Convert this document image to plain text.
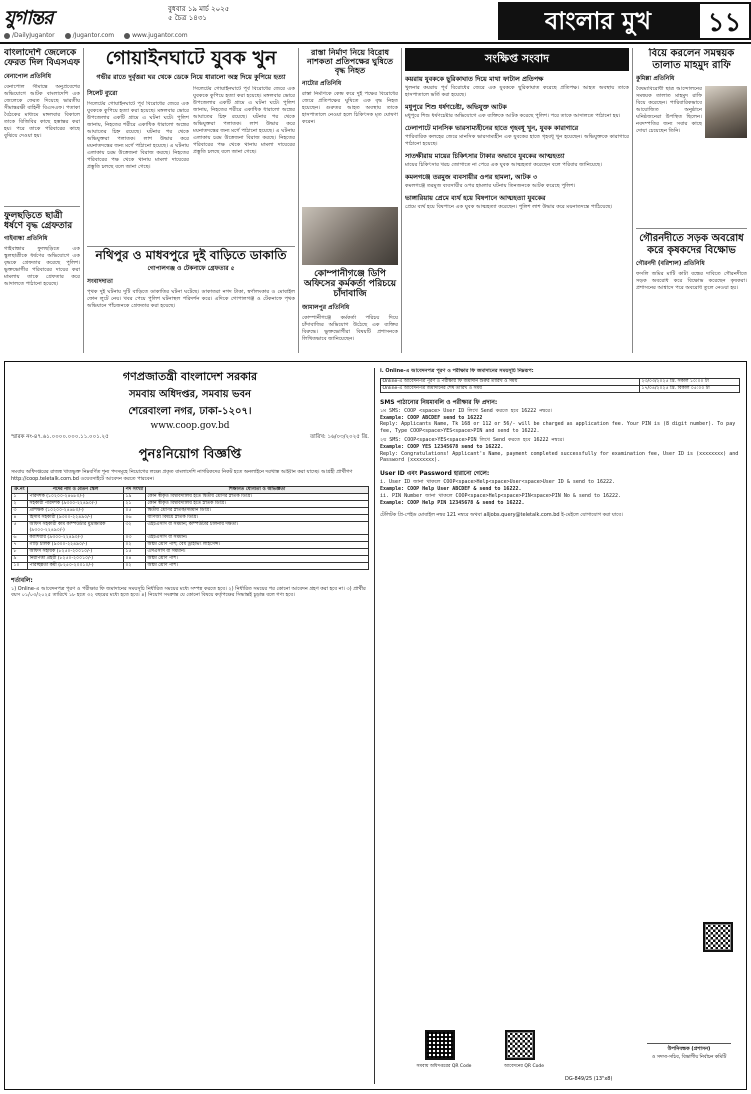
যুগান্তর	বুধবার ১৯ মার্চ ২০২৫
৫ চৈত্র ১৪৩১
/DailyJugantor	/Jugantor.com	www.jugantor.com
বাংলার মুখ	১১
বাংলাদেশি জেলেকে ফেরত দিল বিএসএফ
বেনাপোল প্রতিনিধি
বেনাপোল সীমান্তে অনুপ্রবেশের অভিযোগে আটক বাংলাদেশি এক জেলেকে ফেরত দিয়েছে ভারতীয় সীমান্তরক্ষী বাহিনী বিএসএফ। পতাকা বৈঠকের মাধ্যমে মঙ্গলবার বিকালে তাকে বিজিবির কাছে হস্তান্তর করা হয়। পরে তাকে পরিবারের কাছে বুঝিয়ে দেওয়া হয়।
ফুলছড়িতে ছাত্রী ধর্ষণে বৃদ্ধ গ্রেফতার
গাইবান্ধা প্রতিনিধি
গাইবান্ধার ফুলছড়িতে এক স্কুলছাত্রীকে ধর্ষণের অভিযোগে এক বৃদ্ধকে গ্রেফতার করেছে পুলিশ। ভুক্তভোগীর পরিবারের দায়ের করা মামলায় তাকে গ্রেফতার করে আদালতে পাঠানো হয়েছে।
গোয়াইনঘাটে যুবক খুন
গভীর রাতে দুর্বৃত্তরা ঘর থেকে ডেকে নিয়ে ধারালো অস্ত্র দিয়ে কুপিয়ে হত্যা
সিলেট ব্যুরো
সিলেটের গোয়াইনঘাটে পূর্ব বিরোধের জেরে এক যুবককে কুপিয়ে হত্যা করা হয়েছে। মঙ্গলবার ভোরে উপজেলার একটি গ্রামে এ ঘটনা ঘটে। পুলিশ জানায়, নিহতের শরীরে একাধিক ধারালো অস্ত্রের আঘাতের চিহ্ন রয়েছে। ঘটনার পর থেকে অভিযুক্তরা পলাতক। লাশ উদ্ধার করে ময়নাতদন্তের জন্য মর্গে পাঠানো হয়েছে। এ ঘটনায় এলাকায় চরম উত্তেজনা বিরাজ করছে। নিহতের পরিবারের পক্ষ থেকে থানায় মামলা দায়েরের প্রস্তুতি চলছে বলে জানা গেছে।
সিলেটের গোয়াইনঘাটে পূর্ব বিরোধের জেরে এক যুবককে কুপিয়ে হত্যা করা হয়েছে। মঙ্গলবার ভোরে উপজেলার একটি গ্রামে এ ঘটনা ঘটে। পুলিশ জানায়, নিহতের শরীরে একাধিক ধারালো অস্ত্রের আঘাতের চিহ্ন রয়েছে। ঘটনার পর থেকে অভিযুক্তরা পলাতক। লাশ উদ্ধার করে ময়নাতদন্তের জন্য মর্গে পাঠানো হয়েছে। এ ঘটনায় এলাকায় চরম উত্তেজনা বিরাজ করছে। নিহতের পরিবারের পক্ষ থেকে থানায় মামলা দায়েরের প্রস্তুতি চলছে বলে জানা গেছে।
নথিপুর ও মাধবপুরে দুই বাড়িতে ডাকাতি
গোপালগঞ্জ ও টেকনাফে গ্রেফতার ৫
সংবাদদাতা
পৃথক দুই ঘটনায় দুটি বাড়িতে ডাকাতির ঘটনা ঘটেছে। ডাকাতরা নগদ টাকা, স্বর্ণালংকার ও মোবাইল ফোন লুটে নেয়। খবর পেয়ে পুলিশ ঘটনাস্থল পরিদর্শন করে। এদিকে গোপালগঞ্জ ও টেকনাফে পৃথক অভিযানে পাঁচজনকে গ্রেফতার করা হয়েছে।
রাস্তা নির্মাণ নিয়ে বিরোধ নাশকতা প্রতিপক্ষের ঘুষিতে বৃদ্ধ নিহত
নাটোর প্রতিনিধি
রাস্তা নির্মাণকে কেন্দ্র করে দুই পক্ষের বিরোধের জেরে প্রতিপক্ষের ঘুষিতে এক বৃদ্ধ নিহত হয়েছেন। গুরুতর আহত অবস্থায় তাকে হাসপাতালে নেওয়া হলে চিকিৎসক মৃত ঘোষণা করেন।
কোম্পানীগঞ্জে ডিপি অফিসের কর্মকর্তা পরিচয়ে চাঁদাবাজি
জামালপুর প্রতিনিধি
কোম্পানীগঞ্জে কর্মকর্তা পরিচয় দিয়ে চাঁদাবাজির অভিযোগ উঠেছে এক ব্যক্তির বিরুদ্ধে। ভুক্তভোগীরা বিষয়টি প্রশাসনকে লিখিতভাবে জানিয়েছেন।
সংক্ষিপ্ত সংবাদ
কয়রায় যুবককে ছুরিকাঘাত দিয়ে মাথা ফাটাল প্রতিপক্ষ
খুলনার কয়রায় পূর্ব বিরোধের জেরে এক যুবককে ছুরিকাঘাত করেছে প্রতিপক্ষ। আহত অবস্থায় তাকে হাসপাতালে ভর্তি করা হয়েছে।
মধুপুরে শিশু ধর্ষণচেষ্টা, অভিযুক্ত আটক
মধুপুরে শিশু ধর্ষণচেষ্টার অভিযোগে এক ব্যক্তিকে আটক করেছে পুলিশ। পরে তাকে আদালতে পাঠানো হয়।
ঢেলাপাটে মানসিক ভারসাম্যহীনের হাতে গৃহবধূ খুন, যুবক কারাগারে
পারিবারিক কলহের জেরে মানসিক ভারসাম্যহীন এক যুবকের হাতে গৃহবধূ খুন হয়েছেন। অভিযুক্তকে কারাগারে পাঠানো হয়েছে।
সাতক্ষীরায় মায়ের চিকিৎসার টাকার অভাবে যুবকের আত্মহত্যা
মায়ের চিকিৎসার খরচ জোগাতে না পেরে এক যুবক আত্মহত্যা করেছেন বলে পরিবার জানিয়েছে।
কমলগঞ্জে তরমুজ ব্যবসায়ীর ওপর হামলা, আটক ৩
কমলগঞ্জে তরমুজ ব্যবসায়ীর ওপর হামলার ঘটনায় তিনজনকে আটক করেছে পুলিশ।
ভাঙ্গারিয়ায় প্রেমে ব্যর্থ হয়ে বিষপানে আত্মহত্যা যুবকের
প্রেমে ব্যর্থ হয়ে বিষপানে এক যুবক আত্মহত্যা করেছেন। পুলিশ লাশ উদ্ধার করে ময়নাতদন্তে পাঠিয়েছে।
বিয়ে করলেন সমন্বয়ক তালাত মাহমুদ রাফি
কুমিল্লা প্রতিনিধি
বৈষম্যবিরোধী ছাত্র আন্দোলনের সমন্বয়ক তালাত মাহমুদ রাফি বিয়ে করেছেন। পারিবারিকভাবে আয়োজিত অনুষ্ঠানে ঘনিষ্ঠজনেরা উপস্থিত ছিলেন। নবদম্পতির জন্য সবার কাছে দোয়া চেয়েছেন তিনি।
গৌরনদীতে সড়ক অবরোধ করে কৃষকদের বিক্ষোভ
গৌরনদী (বরিশাল) প্রতিনিধি
ফসলি জমির মাটি কাটা বন্ধের দাবিতে গৌরনদীতে সড়ক অবরোধ করে বিক্ষোভ করেছেন কৃষকরা। প্রশাসনের আশ্বাসে পরে অবরোধ তুলে নেওয়া হয়।
গণপ্রজাতন্ত্রী বাংলাদেশ সরকার
সমবায় অধিদপ্তর, সমবায় ভবন
শেরেবাংলা নগর, ঢাকা-১২০৭।
www.coop.gov.bd
স্মারক নং-৪৭.৬১.০০০০.০০০.১১.০০১.২৫	তারিখ: ১৬/০৩/২০২৫ খ্রি.
পুনঃনিয়োগ বিজ্ঞপ্তি
সমবায় অধিদপ্তরের রাজস্ব খাতভুক্ত নিম্নবর্ণিত শূন্য পদসমূহে নিয়োগের লক্ষ্যে প্রকৃত বাংলাদেশি নাগরিকদের নিকট হতে অনলাইনে দরখাস্ত আহ্বান করা যাচ্ছে। আগ্রহী প্রার্থীগণ http://coop.teletalk.com.bd ওয়েবসাইটে আবেদন করতে পারবেন।
ক্র.নং	পদের নাম ও বেতন স্কেল	পদ সংখ্যা	শিক্ষাগত যোগ্যতা ও অভিজ্ঞতা
১	পরিদর্শক (১০২০০-২৪৬৮০/-)	১৯	কোন স্বীকৃত বিশ্ববিদ্যালয় হতে দ্বিতীয় শ্রেণির স্নাতক ডিগ্রি।
২	সহকারী পরিদর্শক (৯৩০০-২২৪৯০/-)	২১	কোন স্বীকৃত বিশ্ববিদ্যালয় হতে স্নাতক ডিগ্রি।
৩	প্রশিক্ষক (১০২০০-২৪৬৮০/-)	০৫	দ্বিতীয় শ্রেণির স্নাতক/সমমান ডিগ্রি।
৪	হিসাব সহকারী (৯৩০০-২২৪৯০/-)	০৬	বাণিজ্য বিষয়ে স্নাতক ডিগ্রি।
৫	অফিস সহকারী কাম কম্পিউটার মুদ্রাক্ষরিক (৯৩০০-২২৪৯০/-)	৩২	এইচএসসি বা সমমান; কম্পিউটার চালনায় দক্ষতা।
৬	ক্যাশিয়ার (৯৩০০-২২৪৯০/-)	০৩	এইচএসসি বা সমমান।
৭	গাড়ি চালক (৯৩০০-২২৪৯০/-)	০২	অষ্টম শ্রেণি পাশ; বৈধ ড্রাইভিং লাইসেন্স।
৮	অফিস সহায়ক (৮২৫০-২০০১০/-)	১৫	এসএসসি বা সমমান।
৯	নিরাপত্তা প্রহরী (৮২৫০-২০০১০/-)	০৪	অষ্টম শ্রেণি পাশ।
১০	পরিচ্ছন্নতা কর্মী (৮২৫০-২০০১০/-)	০২	অষ্টম শ্রেণি পাশ।
শর্তাবলি:
১) Online-এ আবেদনপত্র পূরণ ও পরীক্ষার ফি জমাদানের সময়সূচি নির্ধারিত সময়ের মধ্যে সম্পন্ন করতে হবে। ২) নির্ধারিত সময়ের পর কোনো আবেদন গ্রহণ করা হবে না। ৩) প্রার্থীর বয়স ০১/০৩/২০২৫ তারিখে ১৮ হতে ৩২ বছরের মধ্যে হতে হবে। ৪) নিয়োগ সংক্রান্ত যে কোনো বিষয়ে কর্তৃপক্ষের সিদ্ধান্তই চূড়ান্ত বলে গণ্য হবে।
i. Online-এ আবেদনপত্র পূরণ ও পরীক্ষার ফি জমাদানের সময়সূচি নিম্নরূপ:
Online-এ আবেদনপত্র পূরণ ও পরীক্ষার ফি জমাদান শুরুর তারিখ ও সময়	২৩/০৩/২০২৫ খ্রি. সকাল ১০:০০ টা
Online-এ আবেদনপত্র জমাদানের শেষ তারিখ ও সময়	১৭/০৪/২০২৫ খ্রি. বিকাল ০৫:০০ টা
SMS পাঠানোর নিয়মাবলি ও পরীক্ষার ফি প্রদান:
১ম SMS: COOP <space> User ID লিখে Send করতে হবে 16222 নম্বরে।
Example: COOP ABCDEF send to 16222
Reply: Applicants Name, Tk 168 or 112 or 56/- will be charged as application fee. Your PIN is (8 digit number). To pay fee, Type COOP<space>YES<space>PIN and send to 16222.
২য় SMS: COOP<space>YES<space>PIN লিখে Send করতে হবে 16222 নম্বরে।
Example: COOP YES 12345678 send to 16222.
Reply: Congratulations! Applicant's Name, payment completed successfully for examination fee, User ID is (xxxxxxxx) and Password (xxxxxxxx).
User ID এবং Password হারানো গেলে:
i. User ID জানা থাকলে COOP<space>Help<space>User<space>User ID & send to 16222.
Example: COOP Help User ABCDEF & send to 16222.
ii. PIN Number জানা থাকলে COOP<space>Help<space>PIN<space>PIN No & send to 16222.
Example: COOP Help PIN 12345678 & send to 16222.
টেলিটক প্রি-পেইড মোবাইল নম্বর 121 নম্বরে অথবা alljobs.query@teletalk.com.bd ই-মেইলে যোগাযোগ করা যাবে।
সমবায় অধিদপ্তরের QR Code	আবেদনের QR Code
DG-849/25 (13"x8)
উপনিবন্ধক (প্রশাসন)
ও সদস্য-সচিব, বিভাগীয় নির্বাচন কমিটি
